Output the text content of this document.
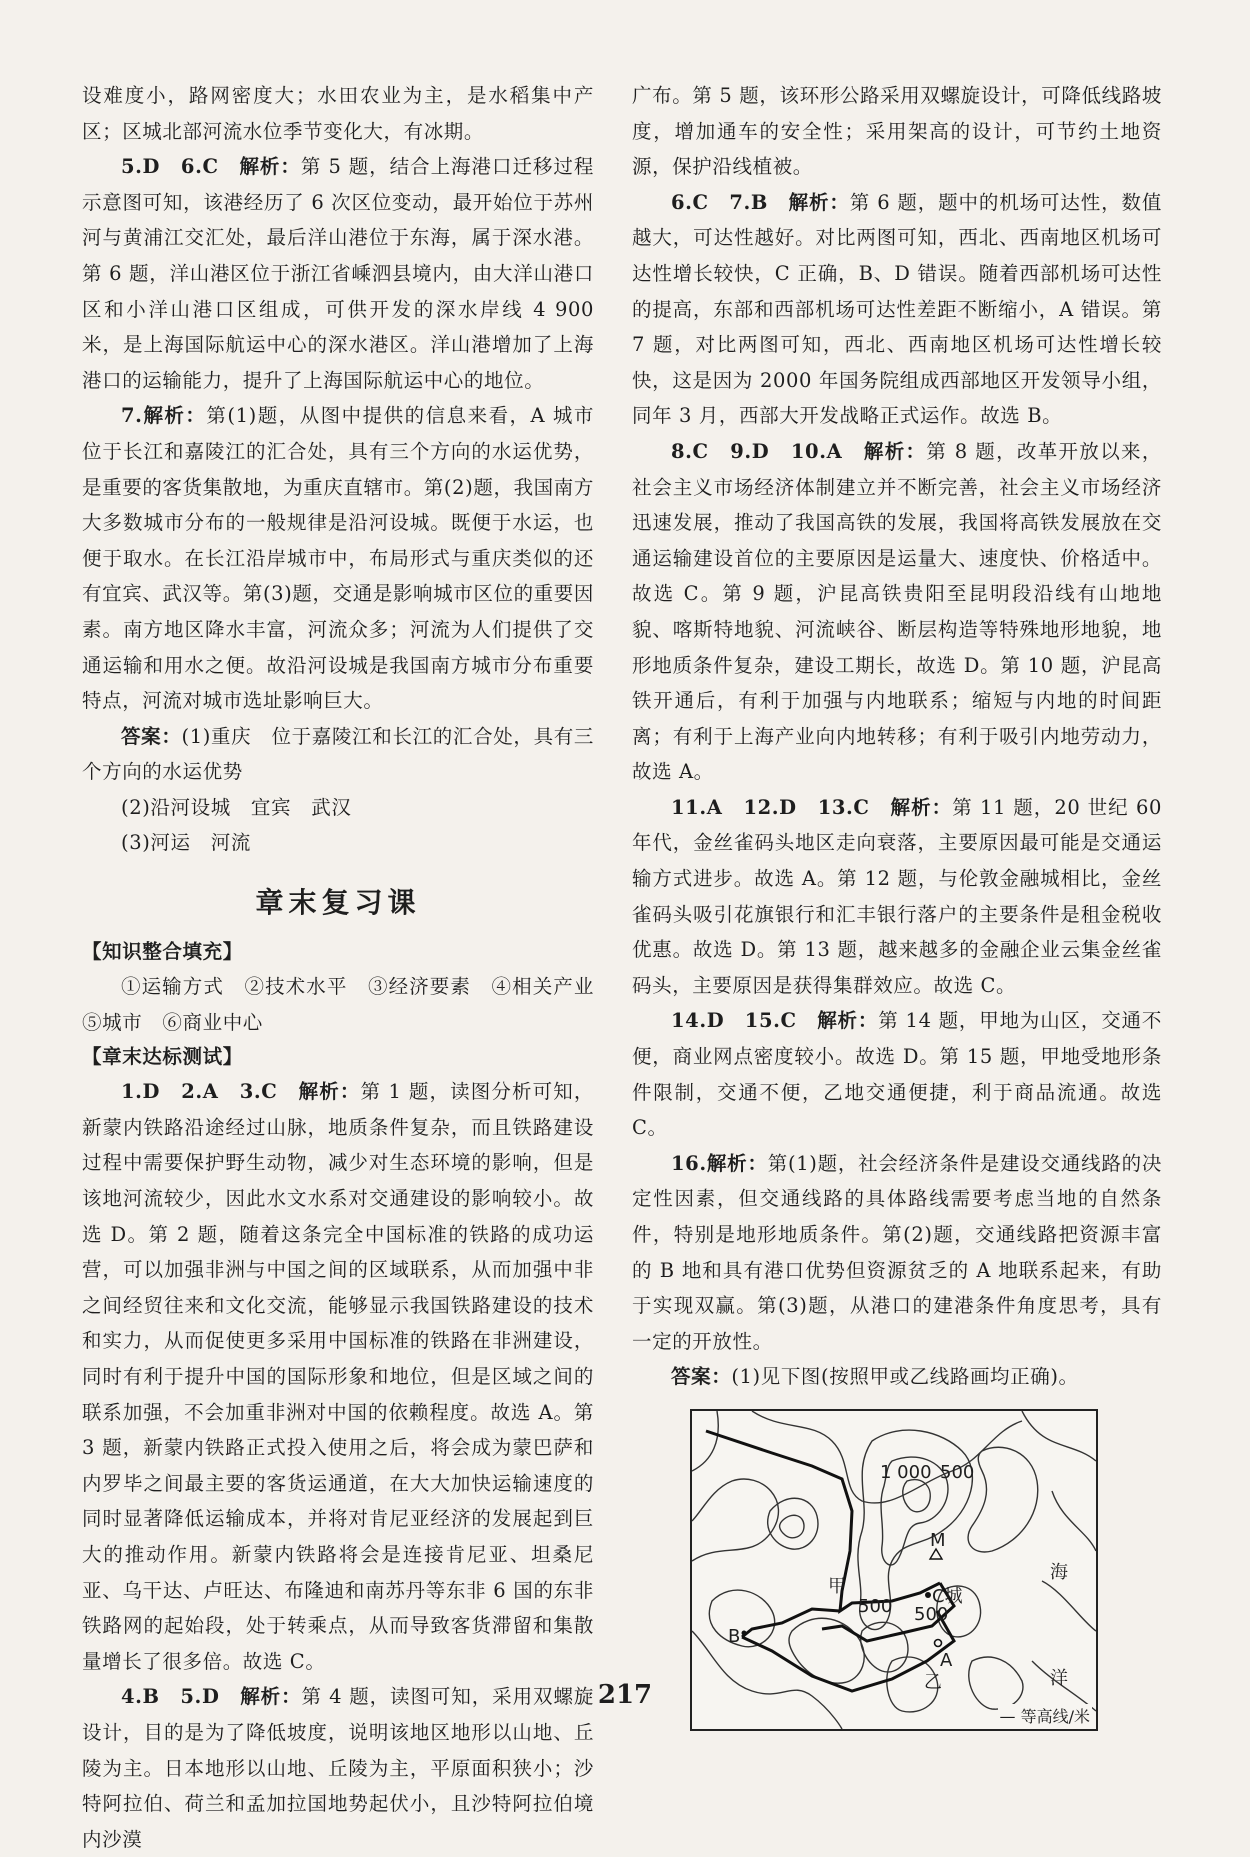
设难度小，路网密度大；水田农业为主，是水稻集中产区；区城北部河流水位季节变化大，有冰期。

5.D　6.C　 解析：第 5 题，结合上海港口迁移过程示意图可知，该港经历了 6 次区位变动，最开始位于苏州河与黄浦江交汇处，最后洋山港位于东海，属于深水港。第 6 题，洋山港区位于浙江省嵊泗县境内，由大洋山港口区和小洋山港口区组成，可供开发的深水岸线 4 900 米，是上海国际航运中心的深水港区。洋山港增加了上海港口的运输能力，提升了上海国际航运中心的地位。

7.解析：第(1)题，从图中提供的信息来看，A 城市位于长江和嘉陵江的汇合处，具有三个方向的水运优势，是重要的客货集散地，为重庆直辖市。第(2)题，我国南方大多数城市分布的一般规律是沿河设城。既便于水运，也便于取水。在长江沿岸城市中，布局形式与重庆类似的还有宜宾、武汉等。第(3)题，交通是影响城市区位的重要因素。南方地区降水丰富，河流众多；河流为人们提供了交通运输和用水之便。故沿河设城是我国南方城市分布重要特点，河流对城市选址影响巨大。

答案：(1)重庆　位于嘉陵江和长江的汇合处，具有三个方向的水运优势

(2)沿河设城　宜宾　武汉

(3)河运　河流

章末复习课
【知识整合填充】

①运输方式　②技术水平　③经济要素　④相关产业　⑤城市　⑥商业中心

【章末达标测试】

1.D　2.A　3.C　 解析：第 1 题，读图分析可知，新蒙内铁路沿途经过山脉，地质条件复杂，而且铁路建设过程中需要保护野生动物，减少对生态环境的影响，但是该地河流较少，因此水文水系对交通建设的影响较小。故选 D。第 2 题，随着这条完全中国标准的铁路的成功运营，可以加强非洲与中国之间的区域联系，从而加强中非之间经贸往来和文化交流，能够显示我国铁路建设的技术和实力，从而促使更多采用中国标准的铁路在非洲建设，同时有利于提升中国的国际形象和地位，但是区域之间的联系加强，不会加重非洲对中国的依赖程度。故选 A。第 3 题，新蒙内铁路正式投入使用之后，将会成为蒙巴萨和内罗毕之间最主要的客货运通道，在大大加快运输速度的同时显著降低运输成本，并将对肯尼亚经济的发展起到巨大的推动作用。新蒙内铁路将会是连接肯尼亚、坦桑尼亚、乌干达、卢旺达、布隆迪和南苏丹等东非 6 国的东非铁路网的起始段，处于转乘点，从而导致客货滞留和集散量增长了很多倍。故选 C。

4.B　5.D　 解析：第 4 题，读图可知，采用双螺旋设计，目的是为了降低坡度，说明该地区地形以山地、丘陵为主。日本地形以山地、丘陵为主，平原面积狭小；沙特阿拉伯、荷兰和孟加拉国地势起伏小，且沙特阿拉伯境内沙漠

广布。第 5 题，该环形公路采用双螺旋设计，可降低线路坡度，增加通车的安全性；采用架高的设计，可节约土地资源，保护沿线植被。

6.C　7.B　 解析：第 6 题，题中的机场可达性，数值越大，可达性越好。对比两图可知，西北、西南地区机场可达性增长较快，C 正确，B、D 错误。随着西部机场可达性的提高，东部和西部机场可达性差距不断缩小，A 错误。第 7 题，对比两图可知，西北、西南地区机场可达性增长较快，这是因为 2000 年国务院组成西部地区开发领导小组，同年 3 月，西部大开发战略正式运作。故选 B。

8.C　9.D　10.A　 解析：第 8 题，改革开放以来，社会主义市场经济体制建立并不断完善，社会主义市场经济迅速发展，推动了我国高铁的发展，我国将高铁发展放在交通运输建设首位的主要原因是运量大、速度快、价格适中。故选 C。第 9 题，沪昆高铁贵阳至昆明段沿线有山地地貌、喀斯特地貌、河流峡谷、断层构造等特殊地形地貌，地形地质条件复杂，建设工期长，故选 D。第 10 题，沪昆高铁开通后，有利于加强与内地联系；缩短与内地的时间距离；有利于上海产业向内地转移；有利于吸引内地劳动力，故选 A。

11.A　12.D　13.C　 解析：第 11 题，20 世纪 60 年代，金丝雀码头地区走向衰落，主要原因最可能是交通运输方式进步。故选 A。第 12 题，与伦敦金融城相比，金丝雀码头吸引花旗银行和汇丰银行落户的主要条件是租金税收优惠。故选 D。第 13 题，越来越多的金融企业云集金丝雀码头，主要原因是获得集群效应。故选 C。

14.D　15.C　 解析：第 14 题，甲地为山区，交通不便，商业网点密度较小。故选 D。第 15 题，甲地受地形条件限制，交通不便，乙地交通便捷，利于商品流通。故选 C。

16.解析：第(1)题，社会经济条件是建设交通线路的决定性因素，但交通线路的具体路线需要考虑当地的自然条件，特别是地形地质条件。第(2)题，交通线路把资源丰富的 B 地和具有港口优势但资源贫乏的 A 地联系起来，有助于实现双赢。第(3)题，从港口的建港条件角度思考，具有一定的开放性。

答案：(1)见下图(按照甲或乙线路画均正确)。

1 000 500
M
海
甲
500 500
C城
B
A
乙	洋
— 等高线/米
217
